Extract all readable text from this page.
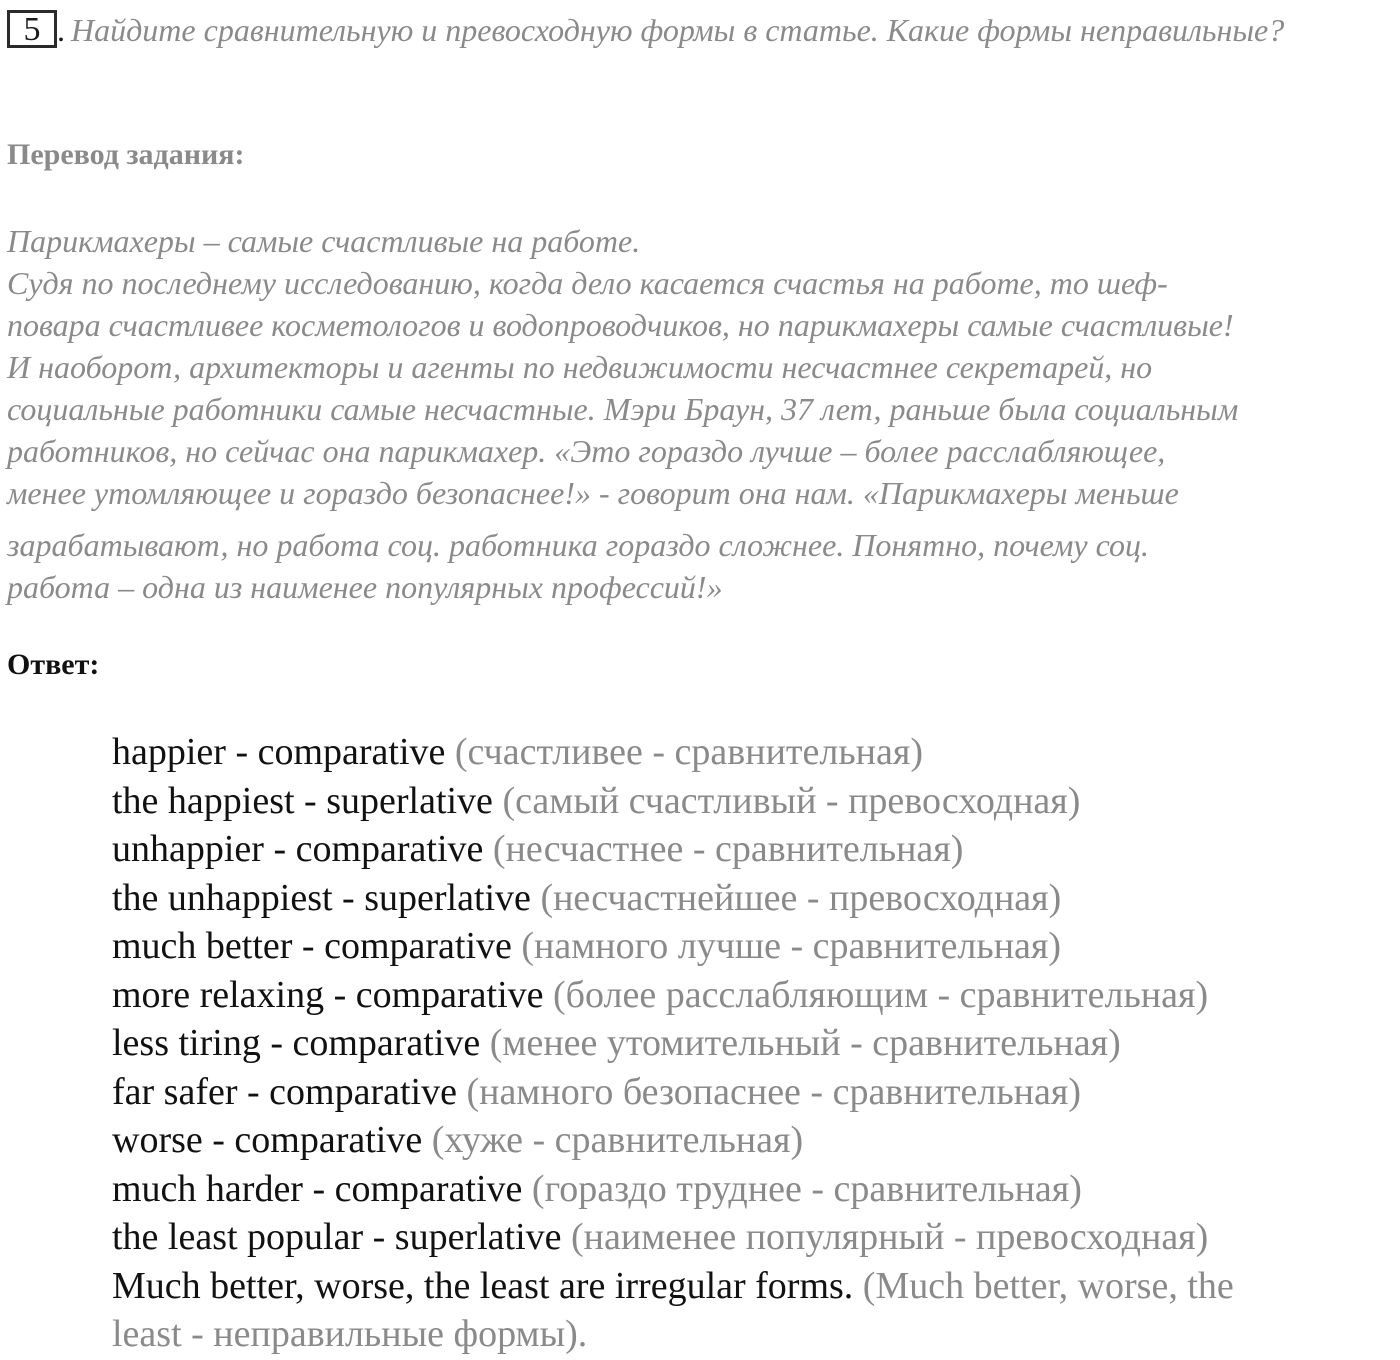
5 . Найдите сравнительную и превосходную формы в статье. Какие формы неправильные?
Перевод задания:
Парикмахеры – самые счастливые на работе.
Судя по последнему исследованию, когда дело касается счастья на работе, то шеф-
повара счастливее косметологов и водопроводчиков, но парикмахеры самые счастливые!
И наоборот, архитекторы и агенты по недвижимости несчастнее секретарей, но
социальные работники самые несчастные. Мэри Браун, 37 лет, раньше была социальным
работников, но сейчас она парикмахер. «Это гораздо лучше – более расслабляющее,
менее утомляющее и гораздо безопаснее!» - говорит она нам. «Парикмахеры меньше
зарабатывают, но работа соц. работника гораздо сложнее. Понятно, почему соц.
работа – одна из наименее популярных профессий!»
Ответ:
happier - comparative (счастливее - сравнительная)
the happiest - superlative (самый счастливый - превосходная)
unhappier - comparative (несчастнее - сравнительная)
the unhappiest - superlative (несчастнейшее - превосходная)
much better - comparative (намного лучше - сравнительная)
more relaxing - comparative (более расслабляющим - сравнительная)
less tiring - comparative (менее утомительный - сравнительная)
far safer - comparative (намного безопаснее - сравнительная)
worse - comparative (хуже - сравнительная)
much harder - comparative (гораздо труднее - сравнительная)
the least popular - superlative (наименее популярный - превосходная)
Much better, worse, the least are irregular forms. (Much better, worse, the
least - неправильные формы).
